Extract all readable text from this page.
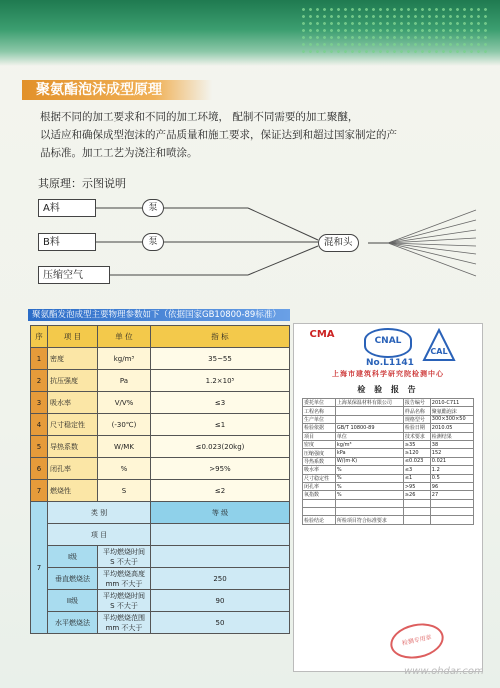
聚氨酯泡沫成型原理
根据不同的加工要求和不同的加工环境， 配制不同需要的加工聚醚，
以适应和确保成型泡沫的产品质量和施工要求，保证达到和超过国家制定的产
品标准。加工工艺为浇注和喷涂。
其原理：示图说明
A料
B料
压缩空气
泵
泵	混和头
聚氨酯发泡成型主要物理参数如下（依据国家GB10800-89标准）
序	项 目	单 位	指 标
1	密度	kg/m³	35~55
2	抗压强度	Pa	1.2×10⁵
3	吸水率	V/V%	≤3
4	尺寸稳定性	(-30℃)	≤1
5	导热系数	W/MK	≤0.023(20kg)
6	闭孔率	%	>95%
7	燃烧性	S	≤2
7	类 别		等 级
	项 目		
	I级	平均燃烧时间
S 不大于	
	垂直燃烧法	平均燃烧高度
mm 不大于	250
	II级	平均燃烧时间
S 不大于	90
	水平燃烧法	平均燃烧范围
mm 不大于	50
CMA
CNAL No.L1141
CAL
上海市建筑科学研究院检测中心
检 验 报 告
委托单位	上海某保温材料有限公司	报告编号	2010-C711
工程名称		样品名称	聚氨酯泡沫
生产单位		规格型号	300×300×50
检验依据	GB/T 10800-89	检验日期	2010.05
项目	单位	技术要求	检测结果
密度	kg/m³	≥35	38
压缩强度	kPa	≥120	152
导热系数	W/(m·K)	≤0.023	0.021
吸水率	%	≤3	1.2
尺寸稳定性	%	≤1	0.5
闭孔率	%	>95	96
氧指数	%	≥26	27

检验结论	所检项目符合标准要求		
检测专用章
www.ohdar.com
